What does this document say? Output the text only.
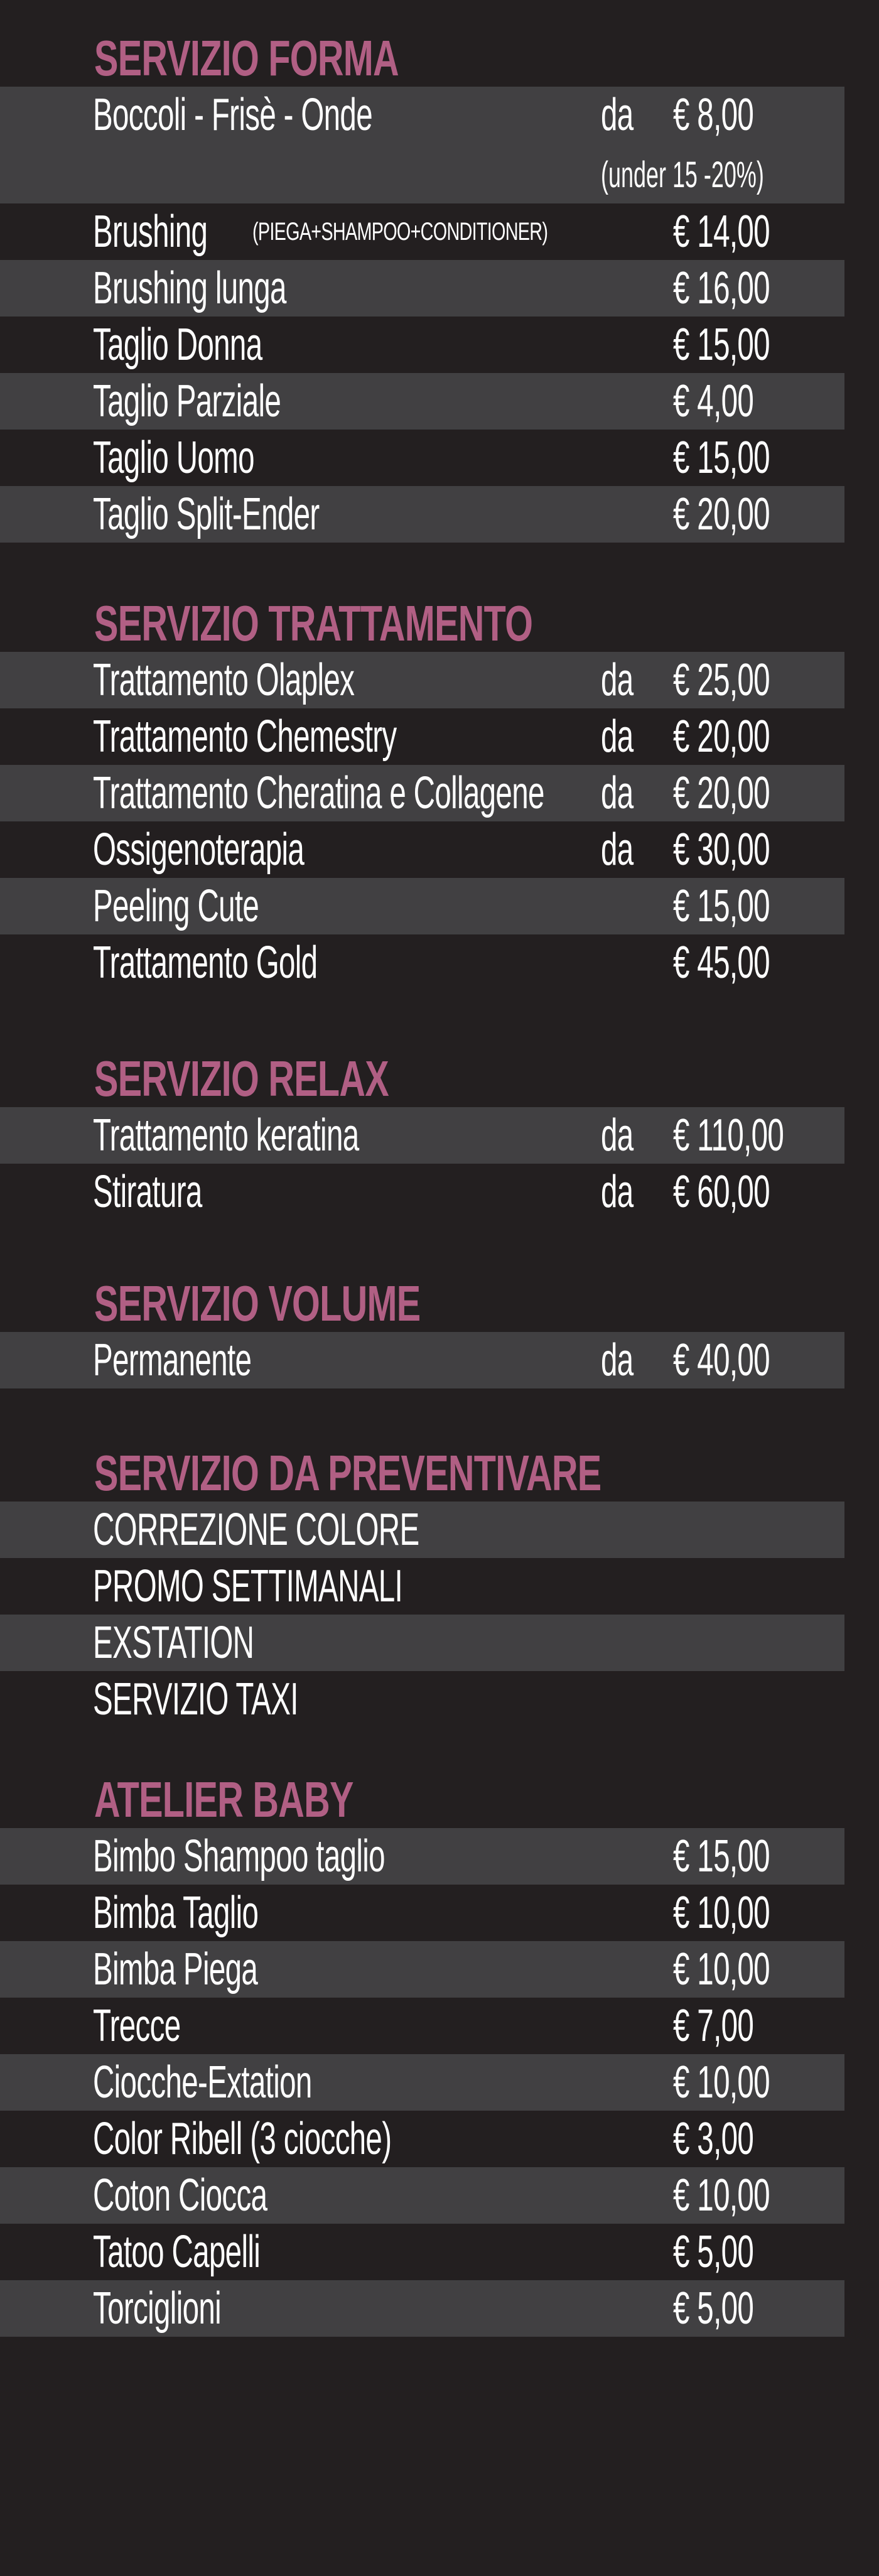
SERVIZIO FORMA
Boccoli - Frisè - Onde	da € 8,00
(under 15 -20%)
Brushing (PIEGA+SHAMPOO+CONDITIONER)	€ 14,00
Brushing lunga	€ 16,00
Taglio Donna	€ 15,00
Taglio Parziale	€ 4,00
Taglio Uomo	€ 15,00
Taglio Split-Ender	€ 20,00
SERVIZIO TRATTAMENTO
Trattamento Olaplex	da € 25,00
Trattamento Chemestry	da € 20,00
Trattamento Cheratina e Collagene da € 20,00
Ossigenoterapia	da € 30,00
Peeling Cute	€ 15,00
Trattamento Gold	€ 45,00
SERVIZIO RELAX
Trattamento keratina	da € 110,00
Stiratura	da € 60,00
SERVIZIO VOLUME
Permanente	da € 40,00
SERVIZIO DA PREVENTIVARE
CORREZIONE COLORE
PROMO SETTIMANALI
EXSTATION
SERVIZIO TAXI
ATELIER BABY
Bimbo Shampoo taglio	€ 15,00
Bimba Taglio	€ 10,00
Bimba Piega	€ 10,00
Trecce	€ 7,00
Ciocche-Extation	€ 10,00
Color Ribell (3 ciocche)	€ 3,00
Coton Ciocca	€ 10,00
Tatoo Capelli	€ 5,00
Torciglioni	€ 5,00
